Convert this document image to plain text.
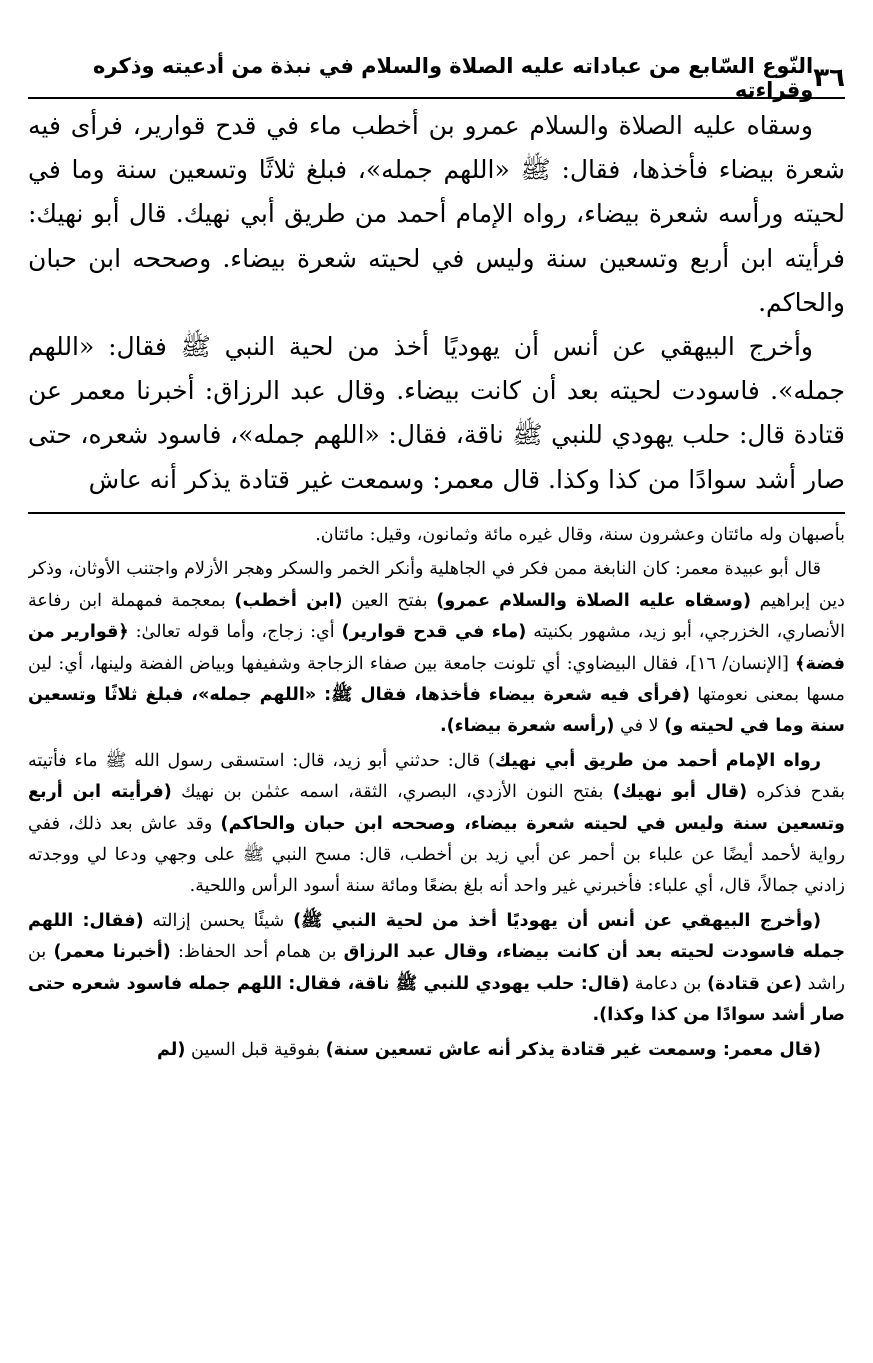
٣٦
النّوع السّابع من عباداته عليه الصلاة والسلام في نبذة من أدعيته وذكره وقراءته

وسقاه عليه الصلاة والسلام عمرو بن أخطب ماء في قدح قوارير، فرأى فيه شعرة بيضاء فأخذها، فقال: ﷺ «اللهم جمله»، فبلغ ثلاثًا وتسعين سنة وما في لحيته ورأسه شعرة بيضاء، رواه الإمام أحمد من طريق أبي نهيك. قال أبو نهيك: فرأيته ابن أربع وتسعين سنة وليس في لحيته شعرة بيضاء. وصححه ابن حبان والحاكم.

وأخرج البيهقي عن أنس أن يهوديًا أخذ من لحية النبي ﷺ فقال: «اللهم جمله». فاسودت لحيته بعد أن كانت بيضاء. وقال عبد الرزاق: أخبرنا معمر عن قتادة قال: حلب يهودي للنبي ﷺ ناقة، فقال: «اللهم جمله»، فاسود شعره، حتى صار أشد سوادًا من كذا وكذا. قال معمر: وسمعت غير قتادة يذكر أنه عاش

بأصبهان وله مائتان وعشرون سنة، وقال غيره مائة وثمانون، وقيل: مائتان.

قال أبو عبيدة معمر: كان النابغة ممن فكر في الجاهلية وأنكر الخمر والسكر وهجر الأزلام واجتنب الأوثان، وذكر دين إبراهيم (وسقاه عليه الصلاة والسلام عمرو) بفتح العين (ابن أخطب) بمعجمة فمهملة ابن رفاعة الأنصاري، الخزرجي، أبو زيد، مشهور بكنيته (ماء في قدح قوارير) أي: زجاج، وأما قوله تعالىٰ: ﴿قوارير من فضة﴾ [الإنسان/ ١٦]، فقال البيضاوي: أي تلونت جامعة بين صفاء الزجاجة وشفيفها وبياض الفضة ولينها، أي: لين مسها بمعنى نعومتها (فرأى فيه شعرة بيضاء فأخذها، فقال ﷺ: «اللهم جمله»، فبلغ ثلاثًا وتسعين سنة وما في لحيته و) لا في (رأسه شعرة بيضاء).

رواه الإمام أحمد من طريق أبي نهيك) قال: حدثني أبو زيد، قال: استسقى رسول الله ﷺ ماء فأتيته بقدح فذكره (قال أبو نهيك) بفتح النون الأزدي، البصري، الثقة، اسمه عثمٰن بن نهيك (فرأيته ابن أربع وتسعين سنة وليس في لحيته شعرة بيضاء، وصححه ابن حبان والحاكم) وقد عاش بعد ذلك، ففي رواية لأحمد أيضًا عن علباء بن أحمر عن أبي زيد بن أخطب، قال: مسح النبي ﷺ على وجهي ودعا لي ووجدته زادني جمالاً، قال، أي علباء: فأخبرني غير واحد أنه بلغ بضعًا ومائة سنة أسود الرأس واللحية.

(وأخرج البيهقي عن أنس أن يهوديًا أخذ من لحية النبي ﷺ) شيئًا يحسن إزالته (فقال: اللهم جمله فاسودت لحيته بعد أن كانت بيضاء، وقال عبد الرزاق بن همام أحد الحفاظ: (أخبرنا معمر) بن راشد (عن قتادة) بن دعامة (قال: حلب يهودي للنبي ﷺ ناقة، فقال: اللهم جمله فاسود شعره حتى صار أشد سوادًا من كذا وكذا).

(قال معمر: وسمعت غير قتادة يذكر أنه عاش تسعين سنة) بفوقية قبل السين (لم
